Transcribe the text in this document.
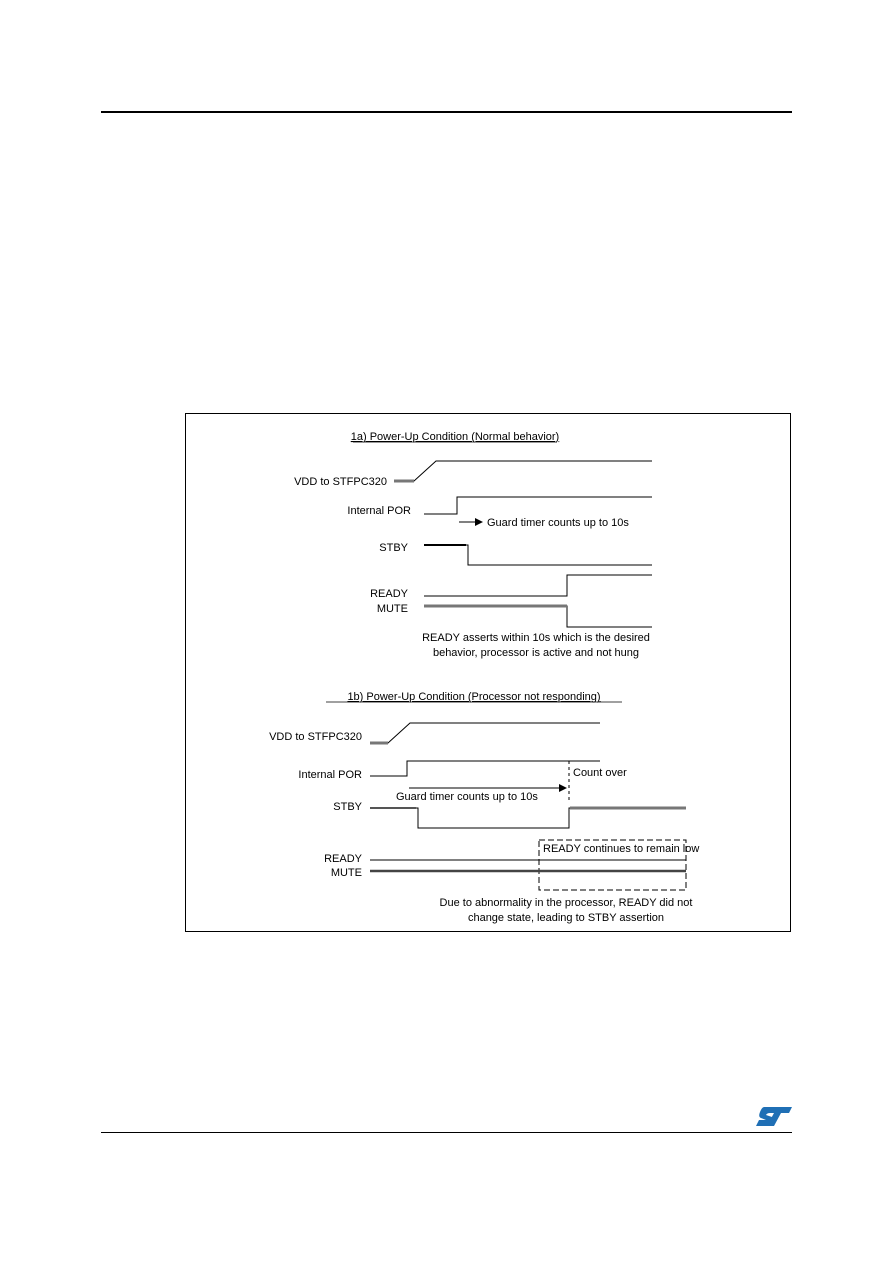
1a) Power-Up Condition (Normal behavior)
VDD to STFPC320
Internal POR
STBY
READY
MUTE
Guard timer counts up to 10s
READY asserts within 10s which is the desired
behavior, processor is active and not hung
1b) Power-Up Condition (Processor not responding)
VDD to STFPC320
Internal POR
STBY
READY
MUTE
Count over
Guard timer counts up to 10s
READY continues to remain low
Due to abnormality in the processor, READY did not
change state, leading to STBY assertion
